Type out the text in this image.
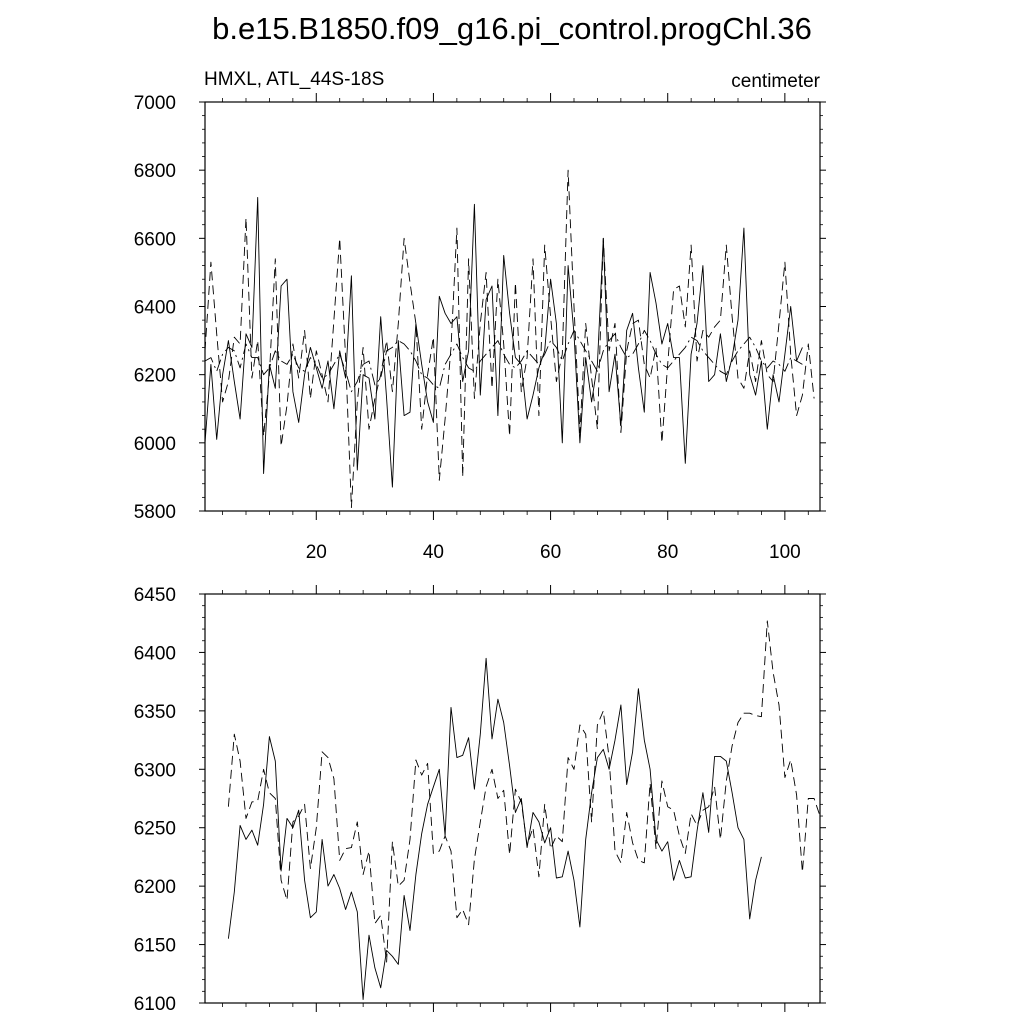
b.e15.B1850.f09_g16.pi_control.progChl.36
HMXL, ATL_44S-18S	centimeter
5800
6000
6200
6400
6600
6800
7000
20	40	60	80	100
6100
6150
6200
6250
6300
6350
6400
6450
